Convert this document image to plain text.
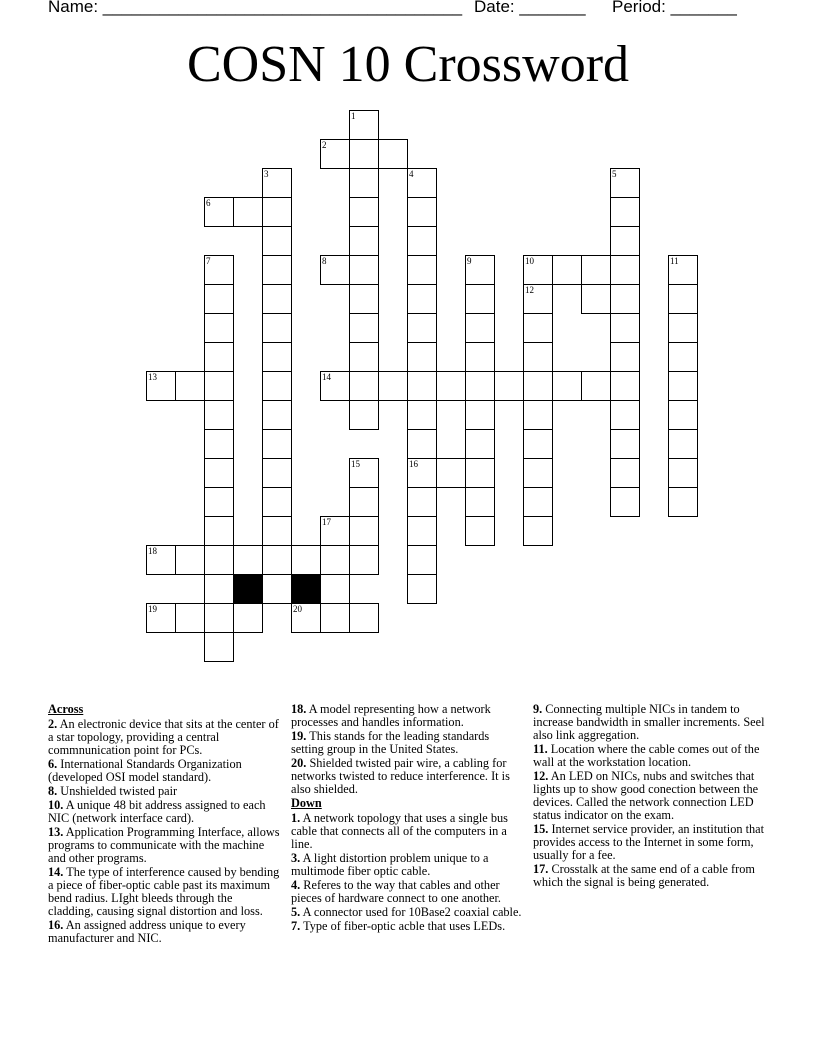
Name: ______________________________________ Date: _______ Period: _______
COSN 10 Crossword
1
2
3	4	5
6
7	8	9	10	11
12
13	14
15	16
17
18
19	20
Across
2. An electronic device that sits at the center of a star topology, providing a central commnunication point for PCs.
6. International Standards Organization (developed OSI model standard).
8. Unshielded twisted pair
10. A unique 48 bit address assigned to each NIC (network interface card).
13. Application Programming Interface, allows programs to communicate with the machine and other programs.
14. The type of interference caused by bending a piece of fiber-optic cable past its maximum bend radius. LIght bleeds through the cladding, causing signal distortion and loss.
16. An assigned address unique to every manufacturer and NIC.
18. A model representing how a network processes and handles information.
19. This stands for the leading standards setting group in the United States.
20. Shielded twisted pair wire, a cabling for networks twisted to reduce interference. It is also shielded.
Down
1. A network topology that uses a single bus cable that connects all of the computers in a line.
3. A light distortion problem unique to a multimode fiber optic cable.
4. Referes to the way that cables and other pieces of hardware connect to one another.
5. A connector used for 10Base2 coaxial cable.
7. Type of fiber-optic acble that uses LEDs.
9. Connecting multiple NICs in tandem to increase bandwidth in smaller increments. Seel also link aggregation.
11. Location where the cable comes out of the wall at the workstation location.
12. An LED on NICs, nubs and switches that lights up to show good conection between the devices. Called the network connection LED status indicator on the exam.
15. Internet service provider, an institution that provides access to the Internet in some form, usually for a fee.
17. Crosstalk at the same end of a cable from which the signal is being generated.
